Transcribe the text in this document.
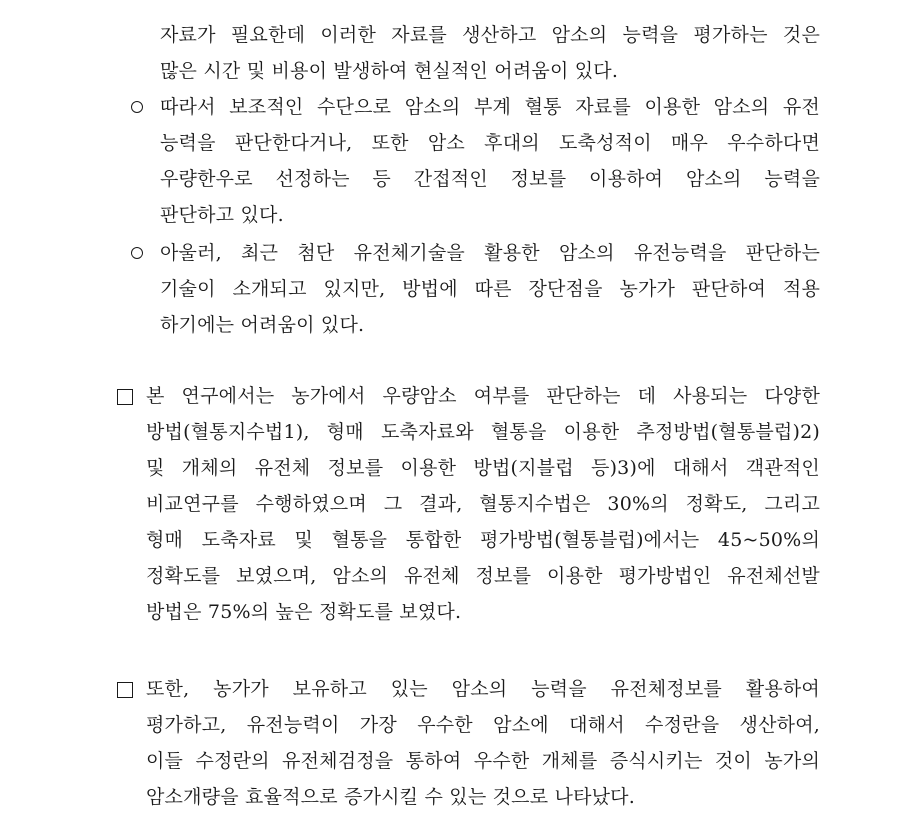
자료가 필요한데 이러한 자료를 생산하고 암소의 능력을 평가하는 것은
많은 시간 및 비용이 발생하여 현실적인 어려움이 있다.
따라서 보조적인 수단으로 암소의 부계 혈통 자료를 이용한 암소의 유전
능력을 판단한다거나, 또한 암소 후대의 도축성적이 매우 우수하다면
우량한우로 선정하는 등 간접적인 정보를 이용하여 암소의 능력을
판단하고 있다.
아울러, 최근 첨단 유전체기술을 활용한 암소의 유전능력을 판단하는
기술이 소개되고 있지만, 방법에 따른 장단점을 농가가 판단하여 적용
하기에는 어려움이 있다.
본 연구에서는 농가에서 우량암소 여부를 판단하는 데 사용되는 다양한
방법(혈통지수법1), 형매 도축자료와 혈통을 이용한 추정방법(혈통블럽)2)
및 개체의 유전체 정보를 이용한 방법(지블럽 등)3)에 대해서 객관적인
비교연구를 수행하였으며 그 결과, 혈통지수법은 30%의 정확도, 그리고
형매 도축자료 및 혈통을 통합한 평가방법(혈통블럽)에서는 45~50%의
정확도를 보였으며, 암소의 유전체 정보를 이용한 평가방법인 유전체선발
방법은 75%의 높은 정확도를 보였다.
또한, 농가가 보유하고 있는 암소의 능력을 유전체정보를 활용하여
평가하고, 유전능력이 가장 우수한 암소에 대해서 수정란을 생산하여,
이들 수정란의 유전체검정을 통하여 우수한 개체를 증식시키는 것이 농가의
암소개량을 효율적으로 증가시킬 수 있는 것으로 나타났다.
